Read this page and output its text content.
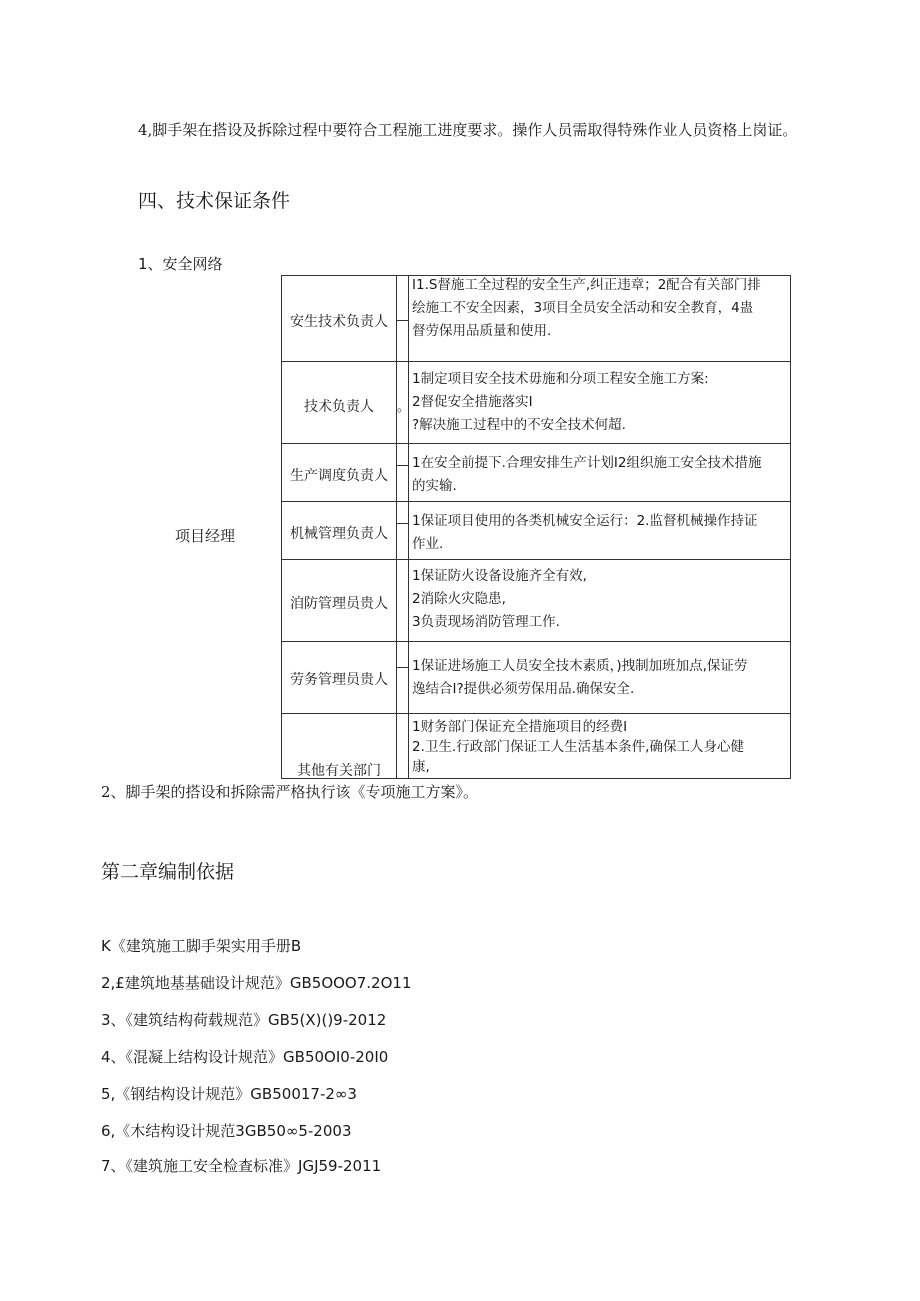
4,脚手架在搭设及拆除过程中要符合工程施工进度要求。操作人员需取得特殊作业人员资格上岗证。
四、技术保证条件
1、安全网络
项目经理
安生技术负责人
I1.S督施工全过程的安全生产,纠正违章；2配合有关部门排
绘施工不安全因素，3项目全员安全活动和安全教育，4蛊
督劳保用品质量和使用.
技术负责人	。
1制定项目安全技术毋施和分项工程安全施工方案:
2督促安全措施落实I
?解决施工过程中的不安全技术何超.
生产调度负责人
1在安全前提下.合理安排生产计划I2组织施工安全技术措施
的实输.
机械管理负责人
1保证项目使用的各类机械安全运行：2.监督机械操作持证
作业.
洎防管理员贵人
1保证防火设备设施齐全有效,
2消除火灾隐患,
3负责现场消防管理工作.
劳务管理员贵人
1保证进场施工人员安全技木素质，)拽制加班加点,保证劳
逸结合I?提供必须劳保用品.确保安全.
其他有关部门
1财务部门保证充全措施项目的经费I
2.卫生.行政部门保证工人生活基本条件,确保工人身心健
康,
2、脚手架的搭设和拆除需严格执行该《专项施工方案》。
第二章编制依据
K《建筑施工脚手架实用手册B
2,£建筑地基基础设计规范》GB5OOO7.2O11
3、《建筑结构荷载规范》GB5(X)()9-2012
4、《混凝上结构设计规范》GB50OI0-20I0
5,《钢结构设计规范》GB50017-2∞3
6,《木结构设计规范3GB50∞5-2003
7、《建筑施工安全检查标准》JGJ59-2011
